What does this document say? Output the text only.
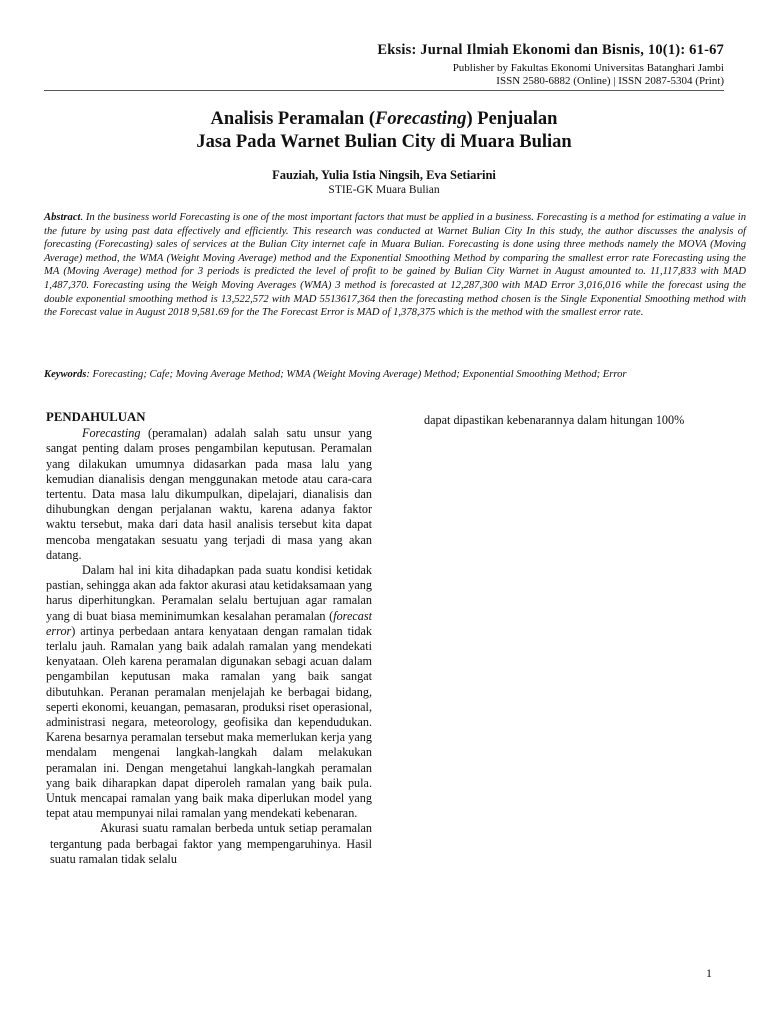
Eksis: Jurnal Ilmiah Ekonomi dan Bisnis, 10(1): 61-67
Publisher by Fakultas Ekonomi Universitas Batanghari Jambi
ISSN 2580-6882 (Online) | ISSN 2087-5304 (Print)
Analisis Peramalan (Forecasting) Penjualan
Jasa Pada Warnet Bulian City di Muara Bulian
Fauziah, Yulia Istia Ningsih, Eva Setiarini
STIE-GK Muara Bulian
Abstract. In the business world Forecasting is one of the most important factors that must be applied in a business. Forecasting is a method for estimating a value in the future by using past data effectively and efficiently. This research was conducted at Warnet Bulian City In this study, the author discusses the analysis of forecasting (Forecasting) sales of services at the Bulian City internet cafe in Muara Bulian. Forecasting is done using three methods namely the MOVA (Moving Average) method, the WMA (Weight Moving Average) method and the Exponential Smoothing Method by comparing the smallest error rate Forecasting using the MA (Moving Average) method for 3 periods is predicted the level of profit to be gained by Bulian City Warnet in August amounted to. 11,117,833 with MAD 1,487,370. Forecasting using the Weigh Moving Averages (WMA) 3 method is forecasted at 12,287,300 with MAD Error 3,016,016 while the forecast using the double exponential smoothing method is 13,522,572 with MAD 5513617,364 then the forecasting method chosen is the Single Exponential Smoothing method with the Forecast value in August 2018 9,581.69 for the The Forecast Error is MAD of 1,378,375 which is the method with the smallest error rate.
Keywords: Forecasting; Cafe; Moving Average Method; WMA (Weight Moving Average) Method; Exponential Smoothing Method; Error
PENDAHULUAN

Forecasting (peramalan) adalah salah satu unsur yang sangat penting dalam proses pengambilan keputusan. Peramalan yang dilakukan umumnya didasarkan pada masa lalu yang kemudian dianalisis dengan menggunakan metode atau cara-cara tertentu. Data masa lalu dikumpulkan, dipelajari, dianalisis dan dihubungkan dengan perjalanan waktu, karena adanya faktor waktu tersebut, maka dari data hasil analisis tersebut kita dapat mencoba mengatakan sesuatu yang terjadi di masa yang akan datang.

Dalam hal ini kita dihadapkan pada suatu kondisi ketidak pastian, sehingga akan ada faktor akurasi atau ketidaksamaan yang harus diperhitungkan. Peramalan selalu bertujuan agar ramalan yang di buat biasa meminimumkan kesalahan peramalan (forecast error) artinya perbedaan antara kenyataan dengan ramalan tidak terlalu jauh. Ramalan yang baik adalah ramalan yang mendekati kenyataan. Oleh karena peramalan digunakan sebagi acuan dalam pengambilan keputusan maka ramalan yang baik sangat dibutuhkan. Peranan peramalan menjelajah ke berbagai bidang, seperti ekonomi, keuangan, pemasaran, produksi riset operasional, administrasi negara, meteorology, geofisika dan kependudukan. Karena besarnya peramalan tersebut maka memerlukan kerja yang mendalam mengenai langkah-langkah dalam melakukan peramalan ini. Dengan mengetahui langkah-langkah peramalan yang baik diharapkan dapat diperoleh ramalan yang baik pula. Untuk mencapai ramalan yang baik maka diperlukan model yang tepat atau mempunyai nilai ramalan yang mendekati kebenaran.

Akurasi suatu ramalan berbeda untuk setiap peramalan tergantung pada berbagai faktor yang mempengaruhinya. Hasil suatu ramalan tidak selalu

dapat dipastikan kebenarannya dalam hitungan 100%
1
